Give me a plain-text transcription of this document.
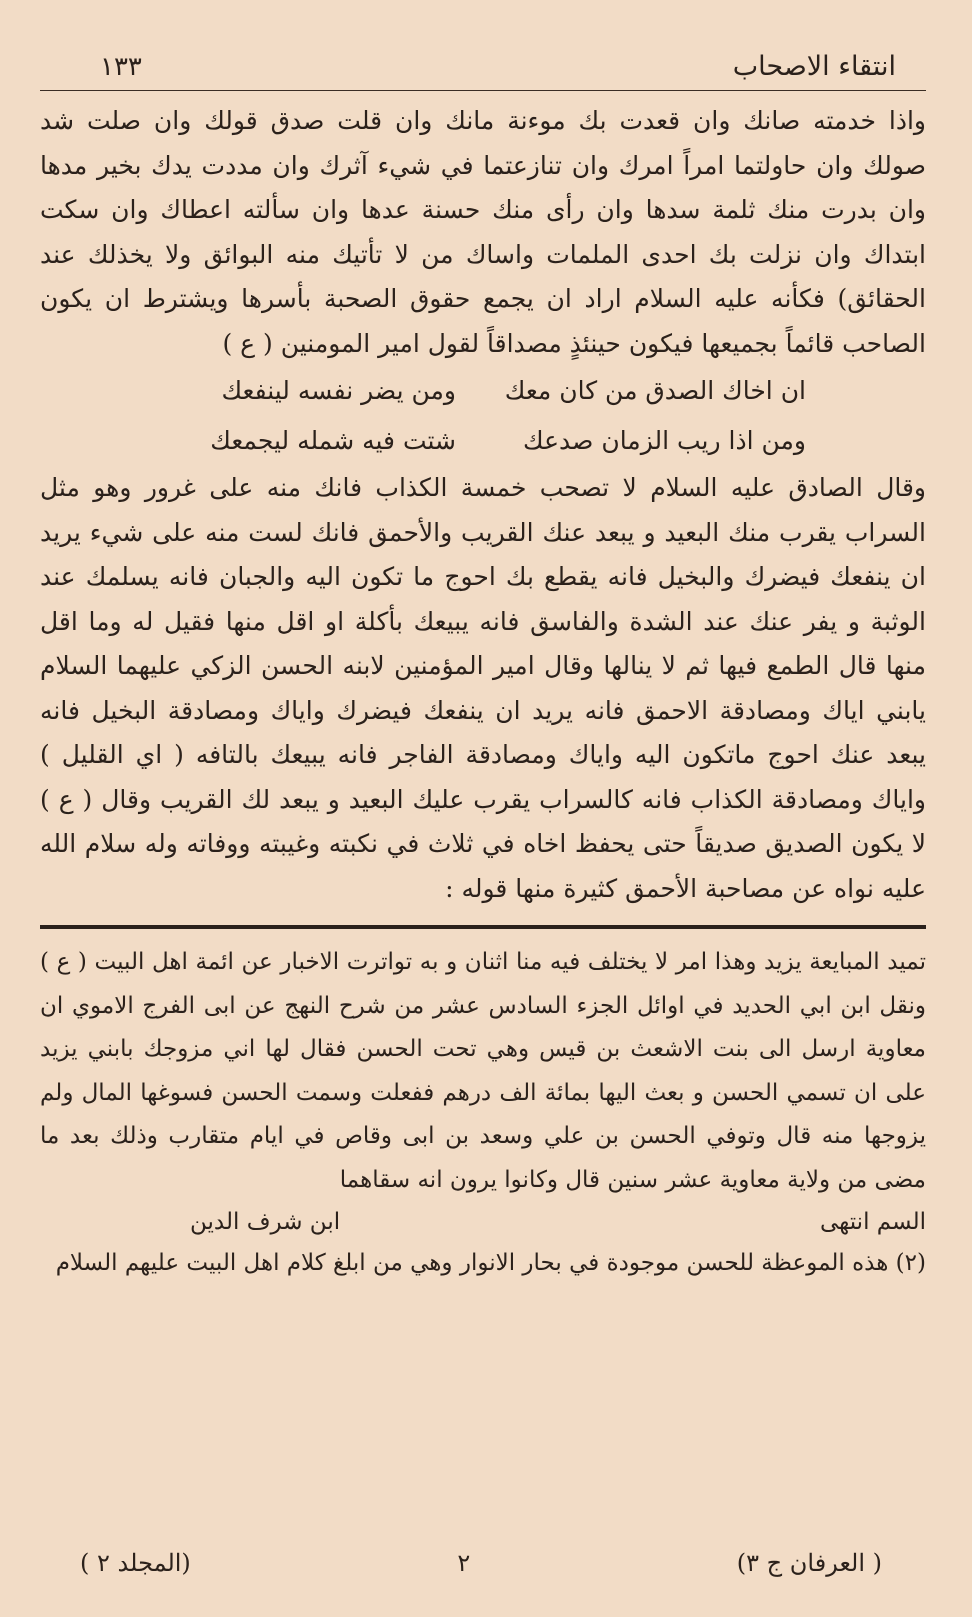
انتقاء الاصحاب
١٣٣

واذا خدمته صانك وان قعدت بك موءنة مانك وان قلت صدق قولك وان صلت شد صولك وان حاولتما امراً امرك وان تنازعتما في شيء آثرك وان مددت يدك بخير مدها وان بدرت منك ثلمة سدها وان رأى منك حسنة عدها وان سألته اعطاك وان سكت ابتداك وان نزلت بك احدى الملمات واساك من لا تأتيك منه البوائق ولا يخذلك عند الحقائق) فكأنه عليه السلام اراد ان يجمع حقوق الصحبة بأسرها ويشترط ان يكون الصاحب قائماً بجميعها فيكون حينئذٍ مصداقاً لقول امير المومنين ( ع )

ان اخاك الصدق من كان معك
ومن يضر نفسه لينفعك
ومن اذا ريب الزمان صدعك
شتت فيه شمله ليجمعك

وقال الصادق عليه السلام لا تصحب خمسة الكذاب فانك منه على غرور وهو مثل السراب يقرب منك البعيد و يبعد عنك القريب والأحمق فانك لست منه على شيء يريد ان ينفعك فيضرك والبخيل فانه يقطع بك احوج ما تكون اليه والجبان فانه يسلمك عند الوثبة و يفر عنك عند الشدة والفاسق فانه يبيعك بأكلة او اقل منها فقيل له وما اقل منها قال الطمع فيها ثم لا ينالها وقال امير المؤمنين لابنه الحسن الزكي عليهما السلام يابني اياك ومصادقة الاحمق فانه يريد ان ينفعك فيضرك واياك ومصادقة البخيل فانه يبعد عنك احوج ماتكون اليه واياك ومصادقة الفاجر فانه يبيعك بالتافه ( اي القليل ) واياك ومصادقة الكذاب فانه كالسراب يقرب عليك البعيد و يبعد لك القريب وقال ( ع ) لا يكون الصديق صديقاً حتى يحفظ اخاه في ثلاث في نكبته وغيبته ووفاته وله سلام الله عليه نواه عن مصاحبة الأحمق كثيرة منها قوله :

تميد المبايعة يزيد وهذا امر لا يختلف فيه منا اثنان و به تواترت الاخبار عن ائمة اهل البيت ( ع ) ونقل ابن ابي الحديد في اوائل الجزء السادس عشر من شرح النهج عن ابى الفرج الاموي ان معاوية ارسل الى بنت الاشعث بن قيس وهي تحت الحسن فقال لها اني مزوجك بابني يزيد على ان تسمي الحسن و بعث اليها بمائة الف درهم ففعلت وسمت الحسن فسوغها المال ولم يزوجها منه قال وتوفي الحسن بن علي وسعد بن ابى وقاص في ايام متقارب وذلك بعد ما مضى من ولاية معاوية عشر سنين قال وكانوا يرون انه سقاهما

السم انتهى
ابن شرف الدين

(٢) هذه الموعظة للحسن موجودة في بحار الانوار وهي من ابلغ كلام اهل البيت عليهم السلام

( العرفان ج ٣)
٢
(المجلد ٢ )
